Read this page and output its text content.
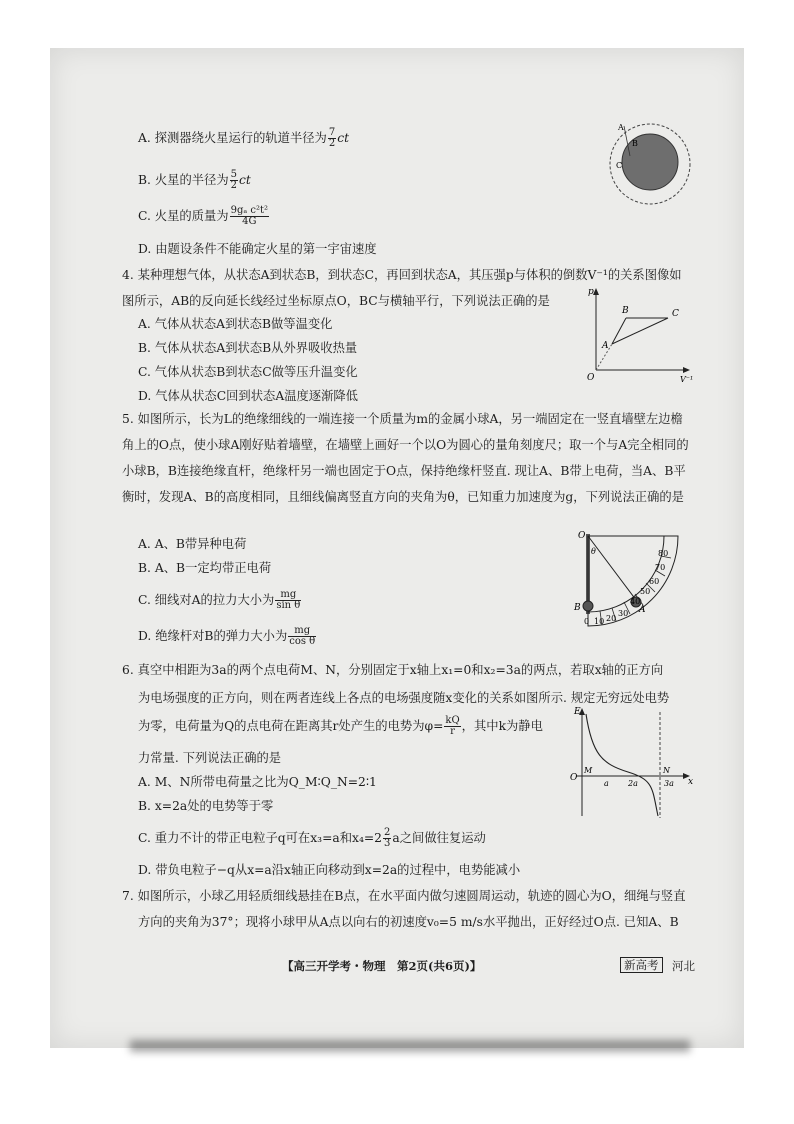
A. 探测器绕火星运行的轨道半径为 $\frac{7}{2}$ ct
B. 火星的半径为 $\frac{5}{2}$ ct
C. 火星的质量为 $\frac{\text{9gₐ c²t²}}{4G}$
D. 由题设条件不能确定火星的第一宇宙速度
A
B
C
4. 某种理想气体，从状态A到状态B，到状态C，再回到状态A，其压强p与体积的倒数V⁻¹的关系图像如图所示，AB的反向延长线经过坐标原点O，BC与横轴平行，下列说法正确的是
A. 气体从状态A到状态B做等温变化
B. 气体从状态A到状态B从外界吸收热量
C. 气体从状态B到状态C做等压升温变化
D. 气体从状态C回到状态A温度逐渐降低
p
V⁻¹
O
A
B	C
5. 如图所示，长为L的绝缘细线的一端连接一个质量为m的金属小球A，另一端固定在一竖直墙壁左边檐角上的O点，使小球A刚好贴着墙壁，在墙壁上画好一个以O为圆心的量角刻度尺；取一个与A完全相同的小球B，B连接绝缘直杆，绝缘杆另一端也固定于O点，保持绝缘杆竖直. 现让A、B带上电荷，当A、B平衡时，发现A、B的高度相同，且细线偏离竖直方向的夹角为θ，已知重力加速度为g，下列说法正确的是
A. A、B带异种电荷
B. A、B一定均带正电荷
C. 细线对A的拉力大小为 $\frac{mg}{\text{sin θ}}$
D. 绝缘杆对B的弹力大小为 $\frac{mg}{\text{cos θ}}$
O
θ
B	A
0 10 20
30
40
50
60
70
80
6. 真空中相距为3a的两个点电荷M、N，分别固定于x轴上x₁=0和x₂=3a的两点，若取x轴的正方向
为电场强度的正方向，则在两者连线上各点的电场强度随x变化的关系如图所示. 规定无穷远处电势
为零，电荷量为Q的点电荷在距离其r处产生的电势为$\varphi= \frac{kQ}{r}$ ，其中k为静电
力常量. 下列说法正确的是
A. M、N所带电荷量之比为Q_M∶Q_N=2∶1
B. x=2a处的电势等于零
C. 重力不计的带正电粒子q可在x₃=a和$x_4=2 \frac{2}{3}$ a之间做往复运动
D. 带负电粒子−q从x=a沿x轴正向移动到x=2a的过程中，电势能减小
E
x
O
M	N
a 2a	3a
7. 如图所示，小球乙用轻质细线悬挂在B点，在水平面内做匀速圆周运动，轨迹的圆心为O，细绳与竖直
方向的夹角为37°；现将小球甲从A点以向右的初速度v₀=5 m/s水平抛出，正好经过O点. 已知A、B
【高三开学考・物理　第2页(共6页)】	新高考	河北
